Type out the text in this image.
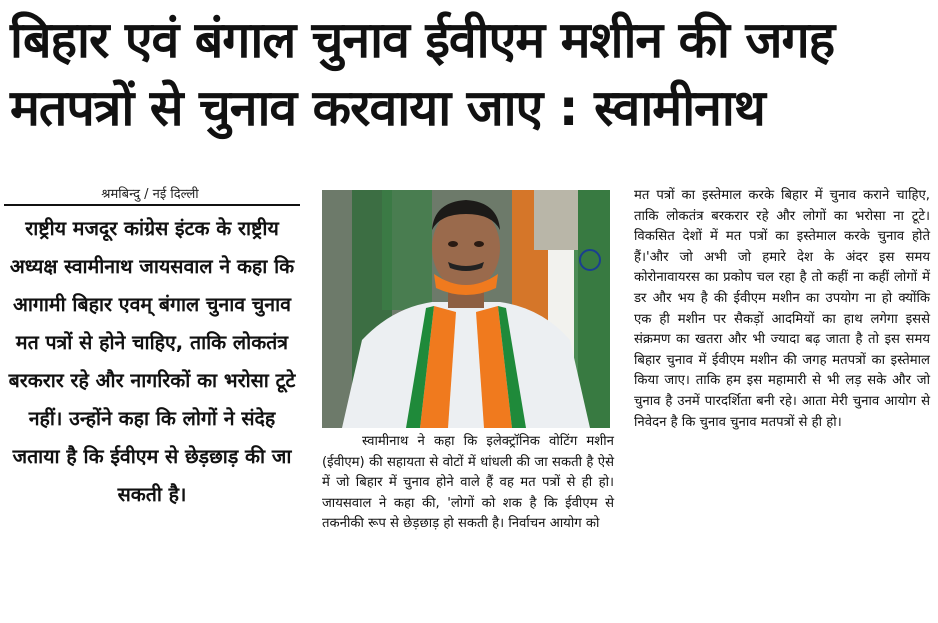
बिहार एवं बंगाल चुनाव ईवीएम मशीन की जगह
मतपत्रों से चुनाव करवाया जाए : स्वामीनाथ
श्रमबिन्दु / नई दिल्ली

राष्ट्रीय मजदूर कांग्रेस इंटक के राष्ट्रीय अध्यक्ष स्वामीनाथ जायसवाल ने कहा कि आगामी बिहार एवम् बंगाल चुनाव चुनाव मत पत्रों से होने चाहिए, ताकि लोकतंत्र बरकरार रहे और नागरिकों का भरोसा टूटे नहीं। उन्होंने कहा कि लोगों ने संदेह जताया है कि ईवीएम से छेड़छाड़ की जा सकती है।

स्वामीनाथ ने कहा कि इलेक्ट्रॉनिक वोटिंग मशीन (ईवीएम) की सहायता से वोटों में धांधली की जा सकती है ऐसे में जो बिहार में चुनाव होने वाले हैं वह मत पत्रों से ही हो। जायसवाल ने कहा की, 'लोगों को शक है कि ईवीएम से तकनीकी रूप से छेड़छाड़ हो सकती है। निर्वाचन आयोग को

मत पत्रों का इस्तेमाल करके बिहार में चुनाव कराने चाहिए, ताकि लोकतंत्र बरकरार रहे और लोगों का भरोसा ना टूटे। विकसित देशों में मत पत्रों का इस्तेमाल करके चुनाव होते हैं।'और जो अभी जो हमारे देश के अंदर इस समय कोरोनावायरस का प्रकोप चल रहा है तो कहीं ना कहीं लोगों में डर और भय है की ईवीएम मशीन का उपयोग ना हो क्योंकि एक ही मशीन पर सैकड़ों आदमियों का हाथ लगेगा इससे संक्रमण का खतरा और भी ज्यादा बढ़ जाता है तो इस समय बिहार चुनाव में ईवीएम मशीन की जगह मतपत्रों का इस्तेमाल किया जाए। ताकि हम इस महामारी से भी लड़ सके और जो चुनाव है उनमें पारदर्शिता बनी रहे। आता मेरी चुनाव आयोग से निवेदन है कि चुनाव चुनाव मतपत्रों से ही हो।
